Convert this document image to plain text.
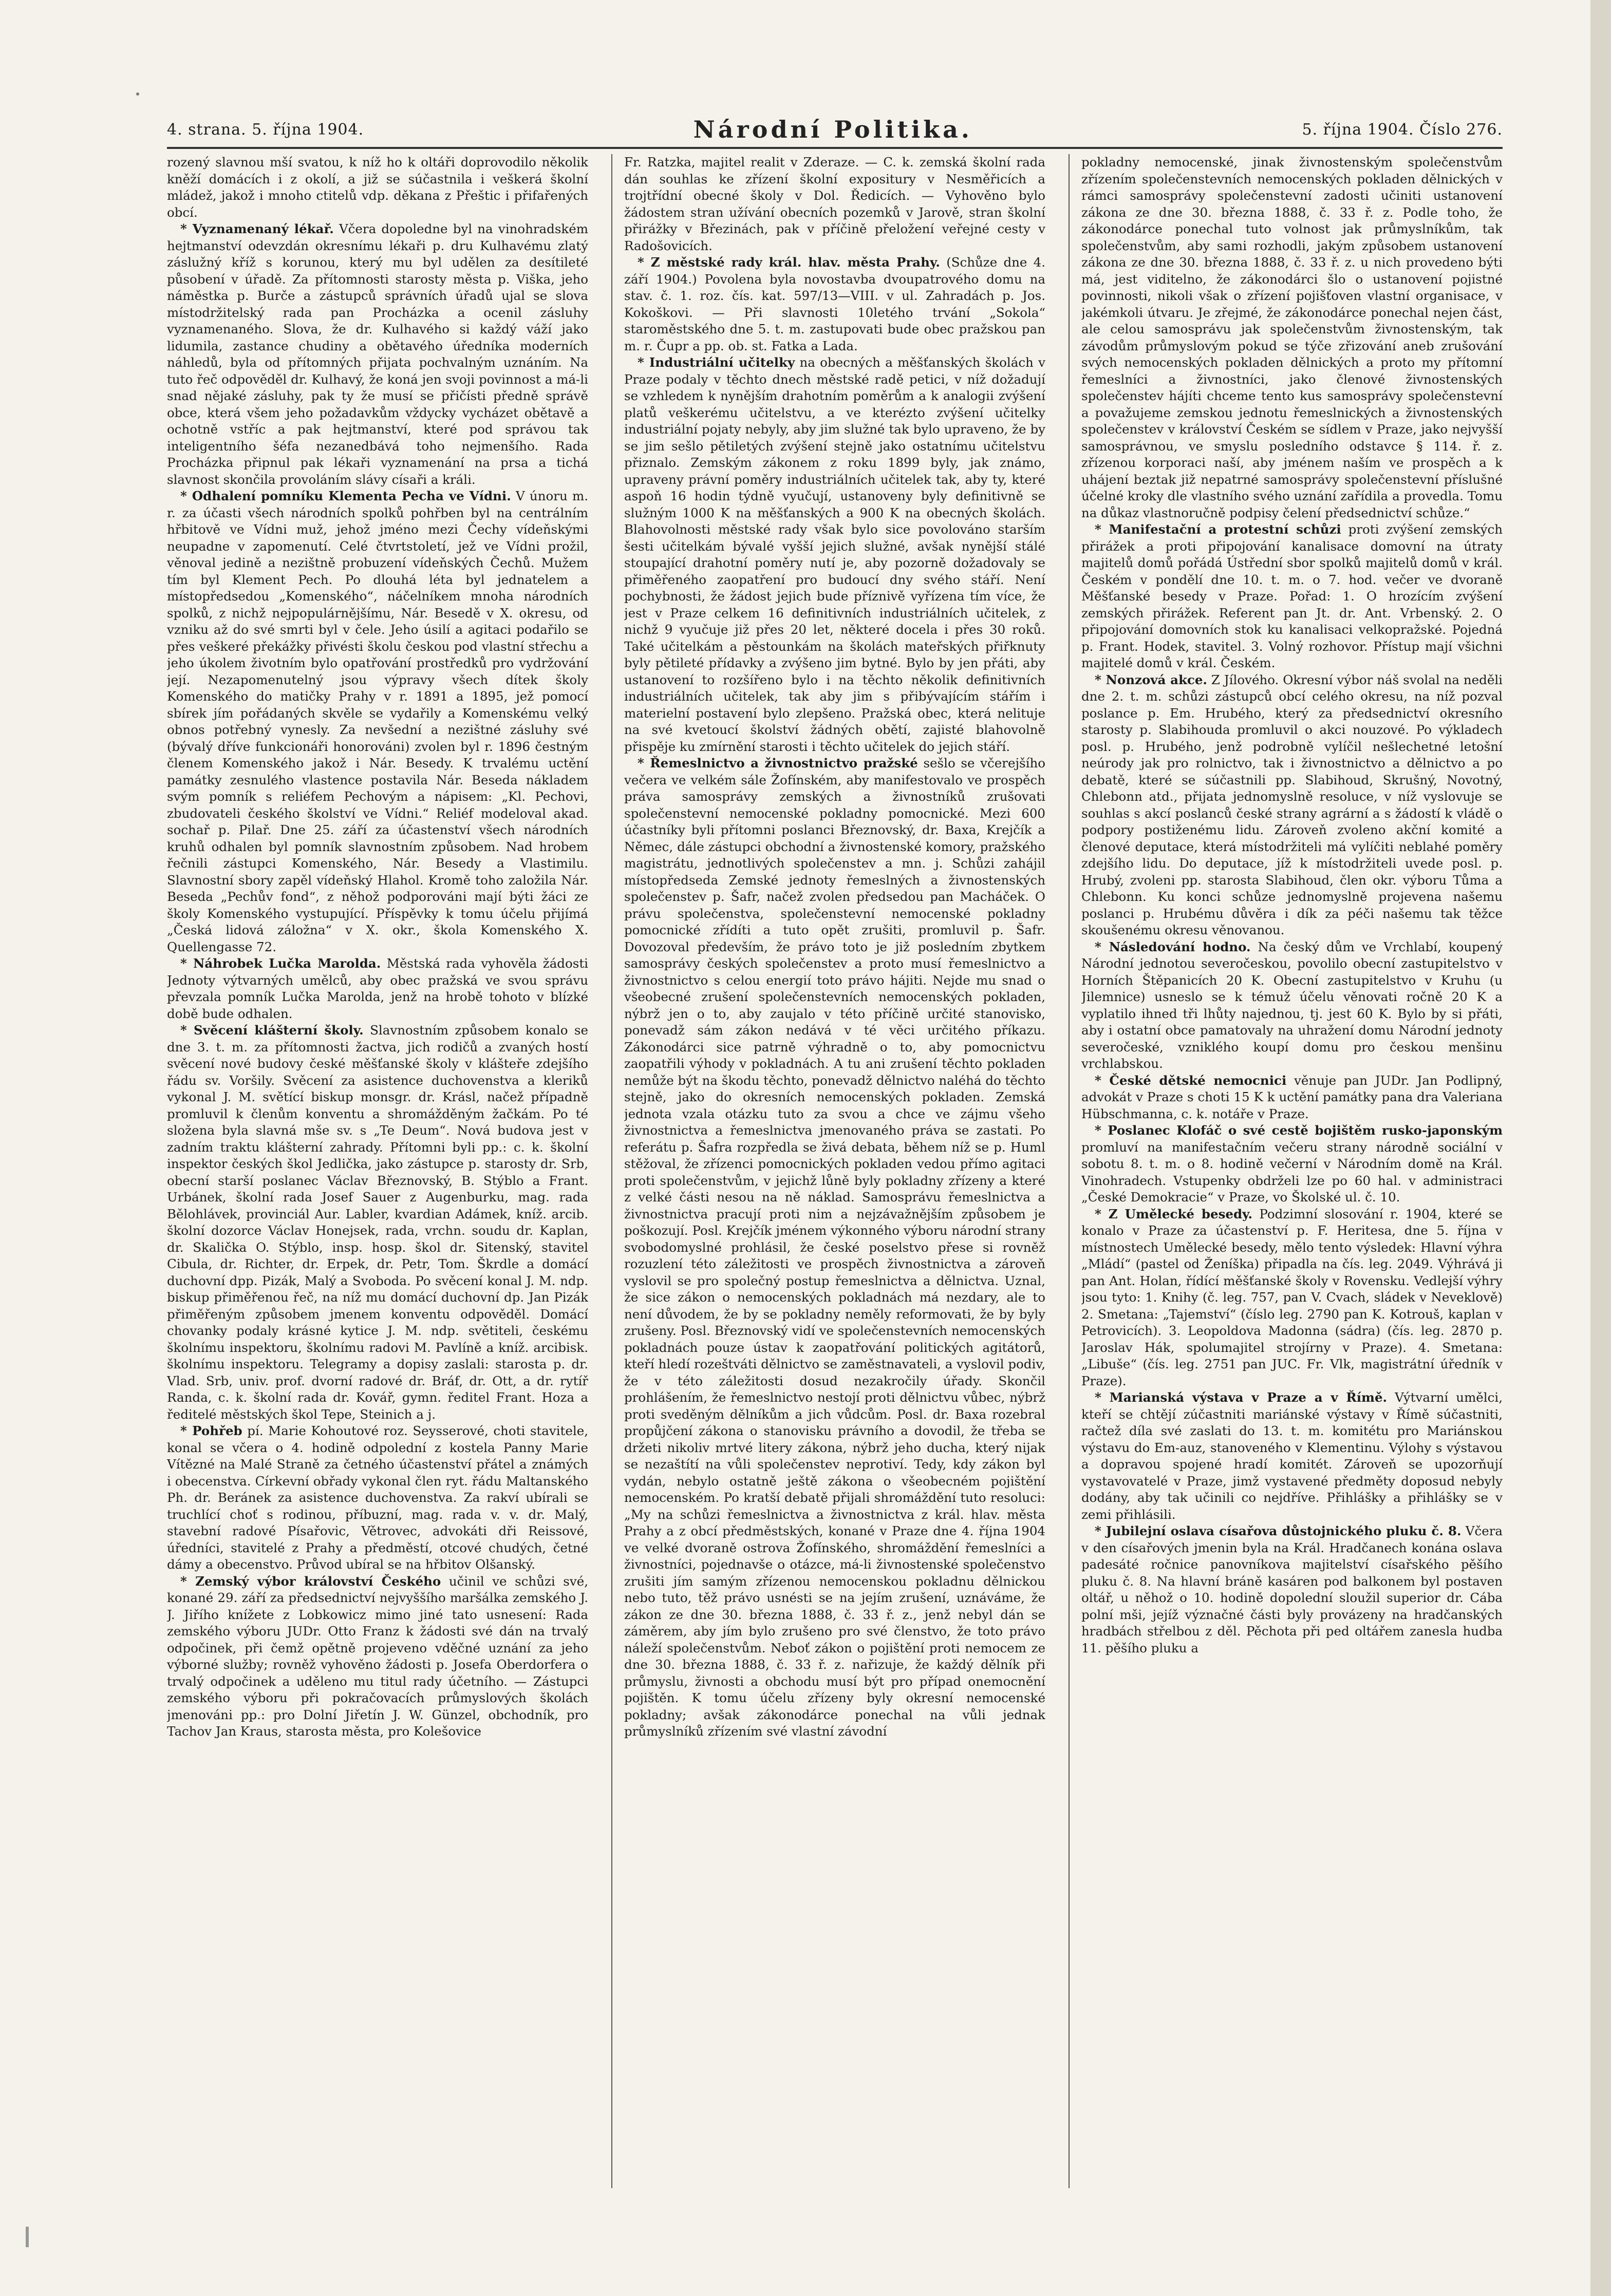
4. strana. 5. října 1904.	Národní Politika.	5. října 1904. Číslo 276.

rozený slavnou mší svatou, k níž ho k oltáři doprovodilo několik kněží domácích i z okolí, a již se súčastnila i veškerá školní mládež, jakož i mnoho ctitelů vdp. děkana z Přeštic i přifařených obcí.

* Vyznamenaný lékař. Včera dopoledne byl na vinohradském hejtmanství odevzdán okresnímu lékaři p. dru Kulhavému zlatý záslužný kříž s korunou, který mu byl udělen za desítileté působení v úřadě. Za přítomnosti starosty města p. Viška, jeho náměstka p. Burče a zástupců správních úřadů ujal se slova místodržitelský rada pan Procházka a ocenil zásluhy vyznamenaného. Slova, že dr. Kulhavého si každý váží jako lidumila, zastance chudiny a obětavého úředníka moderních náhledů, byla od přítomných přijata pochvalným uznáním. Na tuto řeč odpověděl dr. Kulhavý, že koná jen svoji povinnost a má-li snad nějaké zásluhy, pak ty že musí se přičísti předně správě obce, která všem jeho požadavkům vždycky vycházet obětavě a ochotně vstříc a pak hejtmanství, které pod správou tak inteligentního šéfa nezanedbává toho nejmenšího. Rada Procházka připnul pak lékaři vyznamenání na prsa a tichá slavnost skončila provoláním slávy císaři a králi.

* Odhalení pomníku Klementa Pecha ve Vídni. V únoru m. r. za účasti všech národních spolků pohřben byl na centrálním hřbitově ve Vídni muž, jehož jméno mezi Čechy vídeňskými neupadne v zapomenutí. Celé čtvrtstoletí, jež ve Vídni prožil, věnoval jedině a nezištně probuzení vídeňských Čechů. Mužem tím byl Klement Pech. Po dlouhá léta byl jednatelem a místopředsedou „Komenského“, náčelníkem mnoha národních spolků, z nichž nejpopulárnějšímu, Nár. Besedě v X. okresu, od vzniku až do své smrti byl v čele. Jeho úsilí a agitaci podařilo se přes veškeré překážky přivésti školu českou pod vlastní střechu a jeho úkolem životním bylo opatřování prostředků pro vydržování její. Nezapomenutelný jsou výpravy všech dítek školy Komenského do matičky Prahy v r. 1891 a 1895, jež pomocí sbírek jím pořádaných skvěle se vydařily a Komenskému velký obnos potřebný vynesly. Za nevšední a nezištné zásluhy své (bývalý dříve funkcionáři honorováni) zvolen byl r. 1896 čestným členem Komenského jakož i Nár. Besedy. K trvalému uctění památky zesnulého vlastence postavila Nár. Beseda nákladem svým pomník s reliéfem Pechovým a nápisem: „Kl. Pechovi, zbudovateli českého školství ve Vídni.“ Reliéf modeloval akad. sochař p. Pilař. Dne 25. září za účastenství všech národních kruhů odhalen byl pomník slavnostním způsobem. Nad hrobem řečnili zástupci Komenského, Nár. Besedy a Vlastimilu. Slavnostní sbory zapěl vídeňský Hlahol. Kromě toho založila Nár. Beseda „Pechův fond“, z něhož podporováni mají býti žáci ze školy Komenského vystupující. Příspěvky k tomu účelu přijímá „Česká lidová záložna“ v X. okr., škola Komenského X. Quellengasse 72.

* Náhrobek Lučka Marolda. Městská rada vyhověla žádosti Jednoty výtvarných umělců, aby obec pražská ve svou správu převzala pomník Lučka Marolda, jenž na hrobě tohoto v blízké době bude odhalen.

* Svěcení klášterní školy. Slavnostním způsobem konalo se dne 3. t. m. za přítomnosti žactva, jich rodičů a zvaných hostí svěcení nové budovy české měšťanské školy v klášteře zdejšího řádu sv. Voršily. Svěcení za asistence duchovenstva a kleriků vykonal J. M. světící biskup monsgr. dr. Krásl, načež případně promluvil k členům konventu a shromážděným žačkám. Po té složena byla slavná mše sv. s „Te Deum“. Nová budova jest v zadním traktu klášterní zahrady. Přítomni byli pp.: c. k. školní inspektor českých škol Jedlička, jako zástupce p. starosty dr. Srb, obecní starší poslanec Václav Březnovský, B. Stýblo a Frant. Urbánek, školní rada Josef Sauer z Augenburku, mag. rada Bělohlávek, provinciál Aur. Labler, kvardian Adámek, kníž. arcib. školní dozorce Václav Honejsek, rada, vrchn. soudu dr. Kaplan, dr. Skalička O. Stýblo, insp. hosp. škol dr. Sitenský, stavitel Cibula, dr. Richter, dr. Erpek, dr. Petr, Tom. Škrdle a domácí duchovní dpp. Pizák, Malý a Svoboda. Po svěcení konal J. M. ndp. biskup přiměřenou řeč, na níž mu domácí duchovní dp. Jan Pizák přiměřeným způsobem jmenem konventu odpověděl. Domácí chovanky podaly krásné kytice J. M. ndp. světiteli, českému školnímu inspektoru, školnímu radovi M. Pavlíně a kníž. arcibisk. školnímu inspektoru. Telegramy a dopisy zaslali: starosta p. dr. Vlad. Srb, univ. prof. dvorní radové dr. Bráf, dr. Ott, a dr. rytíř Randa, c. k. školní rada dr. Kovář, gymn. ředitel Frant. Hoza a ředitelé městských škol Tepe, Steinich a j.

* Pohřeb pí. Marie Kohoutové roz. Seysserové, choti stavitele, konal se včera o 4. hodině odpolední z kostela Panny Marie Vítězné na Malé Straně za četného účastenství přátel a známých i obecenstva. Církevní obřady vykonal člen ryt. řádu Maltanského Ph. dr. Beránek za asistence duchovenstva. Za rakví ubírali se truchlící choť s rodinou, příbuzní, mag. rada v. v. dr. Malý, stavební radové Písařovic, Větrovec, advokáti dři Reissové, úředníci, stavitelé z Prahy a předměstí, otcové chudých, četné dámy a obecenstvo. Průvod ubíral se na hřbitov Olšanský.

* Zemský výbor království Českého učinil ve schůzi své, konané 29. září za předsednictví nejvyššího maršálka zemského J. J. Jiřího knížete z Lobkowicz mimo jiné tato usnesení: Rada zemského výboru JUDr. Otto Franz k žádosti své dán na trvalý odpočinek, při čemž opětně projeveno vděčné uznání za jeho výborné služby; rovněž vyhověno žádosti p. Josefa Oberdorfera o trvalý odpočinek a uděleno mu titul rady účetního. — Zástupci zemského výboru při pokračovacích průmyslových školách jmenováni pp.: pro Dolní Jiřetín J. W. Günzel, obchodník, pro Tachov Jan Kraus, starosta města, pro Kolešovice

Fr. Ratzka, majitel realit v Zderaze. — C. k. zemská školní rada dán souhlas ke zřízení školní expositury v Nesměřicích a trojtřídní obecné školy v Dol. Ředicích. — Vyhověno bylo žádostem stran užívání obecních pozemků v Jarově, stran školní přirážky v Březinách, pak v příčině přeložení veřejné cesty v Radošovicích.

* Z městské rady král. hlav. města Prahy. (Schůze dne 4. září 1904.) Povolena byla novostavba dvoupatrového domu na stav. č. 1. roz. čís. kat. 597/13—VIII. v ul. Zahradách p. Jos. Kokoškovi. — Při slavnosti 10letého trvání „Sokola“ staroměstského dne 5. t. m. zastupovati bude obec pražskou pan m. r. Čupr a pp. ob. st. Fatka a Lada.

* Industriální učitelky na obecných a měšťanských školách v Praze podaly v těchto dnech městské radě petici, v níž dožadují se vzhledem k nynějším drahotním poměrům a k analogii zvýšení platů veškerému učitelstvu, a ve kterézto zvýšení učitelky industriální pojaty nebyly, aby jim služné tak bylo upraveno, že by se jim sešlo pětiletých zvýšení stejně jako ostatnímu učitelstvu přiznalo. Zemským zákonem z roku 1899 byly, jak známo, upraveny právní poměry industriálních učitelek tak, aby ty, které aspoň 16 hodin týdně vyučují, ustanoveny byly definitivně se služným 1000 K na měšťanských a 900 K na obecných školách. Blahovolnosti městské rady však bylo sice povolováno starším šesti učitelkám bývalé vyšší jejich služné, avšak nynější stálé stoupající drahotní poměry nutí je, aby pozorně dožadovaly se přiměřeného zaopatření pro budoucí dny svého stáří. Není pochybnosti, že žádost jejich bude příznivě vyřízena tím více, že jest v Praze celkem 16 definitivních industriálních učitelek, z nichž 9 vyučuje již přes 20 let, některé docela i přes 30 roků. Také učitelkám a pěstounkám na školách mateřských přiřknuty byly pětileté přídavky a zvýšeno jim bytné. Bylo by jen přáti, aby ustanovení to rozšířeno bylo i na těchto několik definitivních industriálních učitelek, tak aby jim s přibývajícím stářím i materielní postavení bylo zlepšeno. Pražská obec, která nelituje na své kvetoucí školství žádných obětí, zajisté blahovolně přispěje ku zmírnění starosti i těchto učitelek do jejich stáří.

* Řemeslnictvo a živnostnictvo pražské sešlo se včerejšího večera ve velkém sále Žofínském, aby manifestovalo ve prospěch práva samosprávy zemských a živnostníků zrušovati společenstevní nemocenské pokladny pomocnické. Mezi 600 účastníky byli přítomni poslanci Březnovský, dr. Baxa, Krejčík a Němec, dále zástupci obchodní a živnostenské komory, pražského magistrátu, jednotlivých společenstev a mn. j. Schůzi zahájil místopředseda Zemské jednoty řemeslných a živnostenských společenstev p. Šafr, načež zvolen předsedou pan Macháček. O právu společenstva, společenstevní nemocenské pokladny pomocnické zřídíti a tuto opět zrušiti, promluvil p. Šafr. Dovozoval především, že právo toto je již posledním zbytkem samosprávy českých společenstev a proto musí řemeslnictvo a živnostnictvo s celou energií toto právo hájiti. Nejde mu snad o všeobecné zrušení společenstevních nemocenských pokladen, nýbrž jen o to, aby zaujalo v této příčině určité stanovisko, ponevadž sám zákon nedává v té věci určitého příkazu. Zákonodárci sice patrně výhradně o to, aby pomocnictvu zaopatřili výhody v pokladnách. A tu ani zrušení těchto pokladen nemůže být na škodu těchto, ponevadž dělnictvo naléhá do těchto stejně, jako do okresních nemocenských pokladen. Zemská jednota vzala otázku tuto za svou a chce ve zájmu všeho živnostnictva a řemeslnictva jmenovaného práva se zastati. Po referátu p. Šafra rozpředla se živá debata, během níž se p. Huml stěžoval, že zřízenci pomocnických pokladen vedou přímo agitaci proti společenstvům, v jejichž lůně byly pokladny zřízeny a které z velké části nesou na ně náklad. Samosprávu řemeslnictva a živnostnictva pracují proti nim a nejzávažnějším způsobem je poškozují. Posl. Krejčík jménem výkonného výboru národní strany svobodomyslné prohlásil, že české poselstvo přese si rovněž rozuzlení této záležitosti ve prospěch živnostnictva a zároveň vyslovil se pro společný postup řemeslnictva a dělnictva. Uznal, že sice zákon o nemocenských pokladnách má nezdary, ale to není důvodem, že by se pokladny neměly reformovati, že by byly zrušeny. Posl. Březnovský vidí ve společenstevních nemocenských pokladnách pouze ústav k zaopatřování politických agitátorů, kteří hledí rozeštváti dělnictvo se zaměstnavateli, a vyslovil podiv, že v této záležitosti dosud nezakročily úřady. Skončil prohlášením, že řemeslnictvo nestojí proti dělnictvu vůbec, nýbrž proti sveděným dělníkům a jich vůdcům. Posl. dr. Baxa rozebral propůjčení zákona o stanovisku právního a dovodil, že třeba se držeti nikoliv mrtvé litery zákona, nýbrž jeho ducha, který nijak se nezaštítí na vůli společenstev neprotiví. Tedy, kdy zákon byl vydán, nebylo ostatně ještě zákona o všeobecném pojištění nemocenském. Po kratší debatě přijali shromáždění tuto resoluci: „My na schůzi řemeslnictva a živnostnictva z král. hlav. města Prahy a z obcí předměstských, konané v Praze dne 4. října 1904 ve velké dvoraně ostrova Žofínského, shromáždění řemeslníci a živnostníci, pojednavše o otázce, má-li živnostenské společenstvo zrušiti jím samým zřízenou nemocenskou pokladnu dělnickou nebo tuto, těž právo usnésti se na jejím zrušení, uznáváme, že zákon ze dne 30. března 1888, č. 33 ř. z., jenž nebyl dán se záměrem, aby jím bylo zrušeno pro své členstvo, že toto právo náleží společenstvům. Neboť zákon o pojištění proti nemocem ze dne 30. března 1888, č. 33 ř. z. nařizuje, že každý dělník při průmyslu, živnosti a obchodu musí být pro případ onemocnění pojištěn. K tomu účelu zřízeny byly okresní nemocenské pokladny; avšak zákonodárce ponechal na vůli jednak průmyslníků zřízením své vlastní závodní

pokladny nemocenské, jinak živnostenským společenstvům zřízením společenstevních nemocenských pokladen dělnických v rámci samosprávy společenstevní zadosti učiniti ustanovení zákona ze dne 30. března 1888, č. 33 ř. z. Podle toho, že zákonodárce ponechal tuto volnost jak průmyslníkům, tak společenstvům, aby sami rozhodli, jakým způsobem ustanovení zákona ze dne 30. března 1888, č. 33 ř. z. u nich provedeno býti má, jest viditelno, že zákonodárci šlo o ustanovení pojistné povinnosti, nikoli však o zřízení pojišťoven vlastní organisace, v jakémkoli útvaru. Je zřejmé, že zákonodárce ponechal nejen část, ale celou samosprávu jak společenstvům živnostenským, tak závodům průmyslovým pokud se týče zřizování aneb zrušování svých nemocenských pokladen dělnických a proto my přítomní řemeslníci a živnostníci, jako členové živnostenských společenstev hájíti chceme tento kus samosprávy společenstevní a považujeme zemskou jednotu řemeslnických a živnostenských společenstev v království Českém se sídlem v Praze, jako nejvyšší samosprávnou, ve smyslu posledního odstavce § 114. ř. z. zřízenou korporaci naší, aby jménem naším ve prospěch a k uhájení beztak již nepatrné samosprávy společenstevní příslušné účelné kroky dle vlastního svého uznání zařídila a provedla. Tomu na důkaz vlastnoručně podpisy čelení předsednictví schůze.“

* Manifestační a protestní schůzi proti zvýšení zemských přirážek a proti připojování kanalisace domovní na útraty majitelů domů pořádá Ústřední sbor spolků majitelů domů v král. Českém v pondělí dne 10. t. m. o 7. hod. večer ve dvoraně Měšťanské besedy v Praze. Pořad: 1. O hrozícím zvýšení zemských přirážek. Referent pan Jt. dr. Ant. Vrbenský. 2. O připojování domovních stok ku kanalisaci velkopražské. Pojedná p. Frant. Hodek, stavitel. 3. Volný rozhovor. Přístup mají všichni majitelé domů v král. Českém.

* Nonzová akce. Z Jílového. Okresní výbor náš svolal na neděli dne 2. t. m. schůzi zástupců obcí celého okresu, na níž pozval poslance p. Em. Hrubého, který za předsednictví okresního starosty p. Slabihouda promluvil o akci nouzové. Po výkladech posl. p. Hrubého, jenž podrobně vylíčil nešlechetné letošní neúrody jak pro rolnictvo, tak i živnostnictvo a dělnictvo a po debatě, které se súčastnili pp. Slabihoud, Skrušný, Novotný, Chlebonn atd., přijata jednomyslně resoluce, v níž vyslovuje se souhlas s akcí poslanců české strany agrární a s žádostí k vládě o podpory postiženému lidu. Zároveň zvoleno akční komité a členové deputace, která místodržiteli má vylíčiti neblahé poměry zdejšího lidu. Do deputace, jíž k místodržiteli uvede posl. p. Hrubý, zvoleni pp. starosta Slabihoud, člen okr. výboru Tůma a Chlebonn. Ku konci schůze jednomyslně projevena našemu poslanci p. Hrubému důvěra i dík za péči našemu tak těžce skoušenému okresu věnovanou.

* Následování hodno. Na český dům ve Vrchlabí, koupený Národní jednotou severočeskou, povolilo obecní zastupitelstvo v Horních Štěpanicích 20 K. Obecní zastupitelstvo v Kruhu (u Jilemnice) usneslo se k témuž účelu věnovati ročně 20 K a vyplatilo ihned tři lhůty najednou, tj. jest 60 K. Bylo by si přáti, aby i ostatní obce pamatovaly na uhražení domu Národní jednoty severočeské, vzniklého koupí domu pro českou menšinu vrchlabskou.

* České dětské nemocnici věnuje pan JUDr. Jan Podlipný, advokát v Praze s choti 15 K k uctění památky pana dra Valeriana Hübschmanna, c. k. notáře v Praze.

* Poslanec Klofáč o své cestě bojištěm rusko-japonským promluví na manifestačním večeru strany národně sociální v sobotu 8. t. m. o 8. hodině večerní v Národním domě na Král. Vinohradech. Vstupenky obdrželi lze po 60 hal. v administraci „České Demokracie“ v Praze, vo Školské ul. č. 10.

* Z Umělecké besedy. Podzimní slosování r. 1904, které se konalo v Praze za účastenství p. F. Heritesa, dne 5. října v místnostech Umělecké besedy, mělo tento výsledek: Hlavní výhra „Mládí“ (pastel od Ženíška) připadla na čís. leg. 2049. Výhrává ji pan Ant. Holan, řídící měšťanské školy v Rovensku. Vedlejší výhry jsou tyto: 1. Knihy (č. leg. 757, pan V. Cvach, sládek v Neveklově) 2. Smetana: „Tajemství“ (číslo leg. 2790 pan K. Kotrouš, kaplan v Petrovicích). 3. Leopoldova Madonna (sádra) (čís. leg. 2870 p. Jaroslav Hák, spolumajitel strojírny v Praze). 4. Smetana: „Libuše“ (čís. leg. 2751 pan JUC. Fr. Vlk, magistrátní úředník v Praze).

* Marianská výstava v Praze a v Římě. Výtvarní umělci, kteří se chtějí zúčastniti mariánské výstavy v Římě súčastniti, račtež díla své zaslati do 13. t. m. komitétu pro Mariánskou výstavu do Em-auz, stanoveného v Klementinu. Výlohy s výstavou a dopravou spojené hradí komitét. Zároveň se upozorňují vystavovatelé v Praze, jimž vystavené předměty doposud nebyly dodány, aby tak učinili co nejdříve. Přihlášky a přihlášky se v zemi přihlásili.

* Jubilejní oslava císařova důstojnického pluku č. 8. Včera v den císařových jmenin byla na Král. Hradčanech konána oslava padesáté ročnice panovníkova majitelství císařského pěšího pluku č. 8. Na hlavní bráně kasáren pod balkonem byl postaven oltář, u něhož o 10. hodině dopolední sloužil superior dr. Cába polní mši, jejíž význačné části byly provázeny na hradčanských hradbách střelbou z děl. Pěchota při ped oltářem zanesla hudba 11. pěšího pluku a
